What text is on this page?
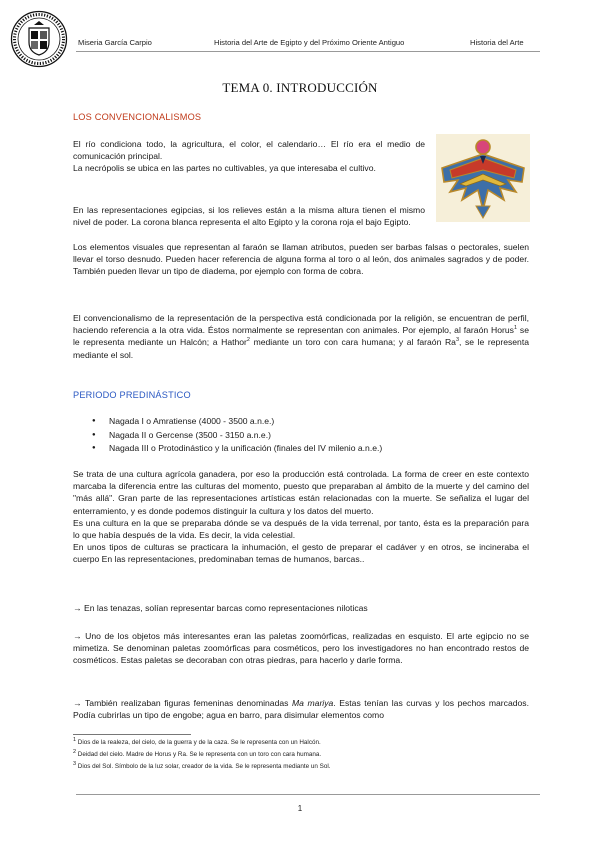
Miseria García Carpio	Historia del Arte de Egipto y del Próximo Oriente Antiguo	Historia del Arte
TEMA 0. INTRODUCCIÓN
LOS CONVENCIONALISMOS

El río condiciona todo, la agricultura, el color, el calendario… El río era el medio de comunicación principal.

La necrópolis se ubica en las partes no cultivables, ya que interesaba el cultivo.

En las representaciones egipcias, si los relieves están a la misma altura tienen el mismo nivel de poder. La corona blanca representa el alto Egipto y la corona roja el bajo Egipto.

Los elementos visuales que representan al faraón se llaman atributos, pueden ser barbas falsas o pectorales, suelen llevar el torso desnudo. Pueden hacer referencia de alguna forma al toro o al león, dos animales sagrados y de poder. También pueden llevar un tipo de diadema, por ejemplo con forma de cobra.

El convencionalismo de la representación de la perspectiva está condicionada por la religión, se encuentran de perfil, haciendo referencia a la otra vida. Éstos normalmente se representan con animales. Por ejemplo, al faraón Horus$^1$ se le representa mediante un Halcón; a Hathor$^2$ mediante un toro con cara humana; y al faraón Ra$^3$, se le representa mediante el sol.

PERIODO PREDINÁSTICO
● Nagada I o Amratiense (4000 - 3500 a.n.e.)
● Nagada II o Gercense (3500 - 3150 a.n.e.)
● Nagada III o Protodinástico y la unificación (finales del IV milenio a.n.e.)

Se trata de una cultura agrícola ganadera, por eso la producción está controlada. La forma de creer en este contexto marcaba la diferencia entre las culturas del momento, puesto que preparaban al ámbito de la muerte y del camino del "más allá". Gran parte de las representaciones artísticas están relacionadas con la muerte. Se señaliza el lugar del enterramiento, y es donde podemos distinguir la cultura y los datos del muerto.

Es una cultura en la que se preparaba dónde se va después de la vida terrenal, por tanto, ésta es la preparación para lo que había después de la vida. Es decir, la vida celestial.

En unos tipos de culturas se practicara la inhumación, el gesto de preparar el cadáver y en otros, se incineraba el cuerpo En las representaciones, predominaban temas de humanos, barcas..

→ En las tenazas, solían representar barcas como representaciones niloticas

→ Uno de los objetos más interesantes eran las paletas zoomórficas, realizadas en esquisto. El arte egipcio no se mimetiza. Se denominan paletas zoomórficas para cosméticos, pero los investigadores no han encontrado restos de cosméticos. Estas paletas se decoraban con otras piedras, para hacerlo y darle forma.

→ También realizaban figuras femeninas denominadas Ma mariya. Estas tenían las curvas y los pechos marcados. Podía cubrirlas un tipo de engobe; agua en barro, para disimular elementos como

$^1$ Dios de la realeza, del cielo, de la guerra y de la caza. Se le representa con un Halcón.
$^2$ Deidad del cielo. Madre de Horus y Ra. Se le representa con un toro con cara humana.
$^3$ Dios del Sol. Símbolo de la luz solar, creador de la vida. Se le representa mediante un Sol.
1
